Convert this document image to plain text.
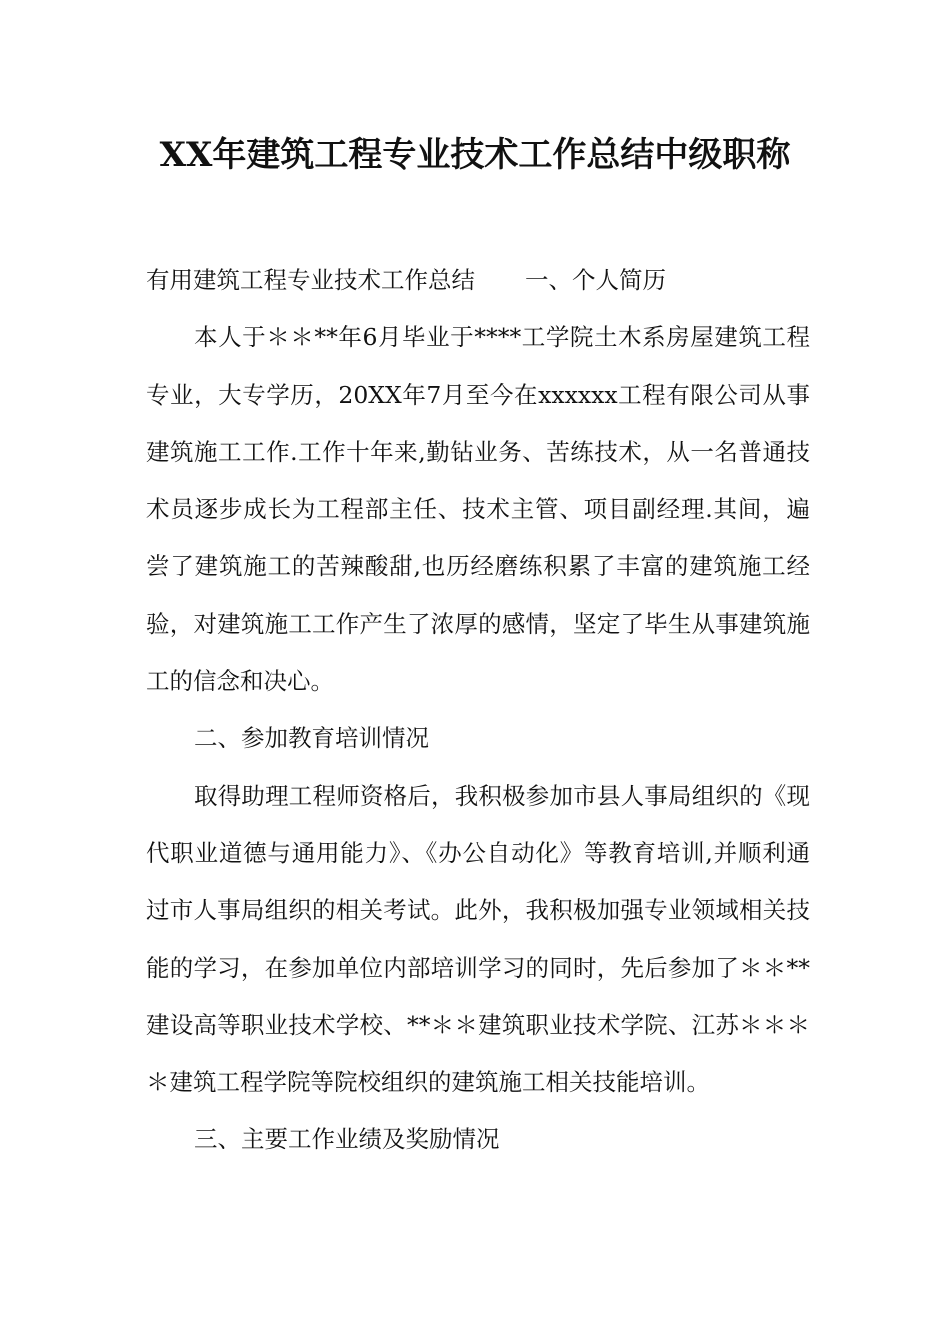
XX年建筑工程专业技术工作总结中级职称

有用建筑工程专业技术工作总结 一、个人简历

本人于＊＊**年6月毕业于****工学院土木系房屋建筑工程专业，大专学历，20XX年7月至今在xxxxxx工程有限公司从事建筑施工工作.工作十年来,勤钻业务、苦练技术，从一名普通技术员逐步成长为工程部主任、技术主管、项目副经理.其间，遍尝了建筑施工的苦辣酸甜,也历经磨练积累了丰富的建筑施工经验，对建筑施工工作产生了浓厚的感情，坚定了毕生从事建筑施工的信念和决心。

二、参加教育培训情况

取得助理工程师资格后，我积极参加市县人事局组织的《现代职业道德与通用能力》、《办公自动化》等教育培训,并顺利通过市人事局组织的相关考试。此外，我积极加强专业领域相关技能的学习，在参加单位内部培训学习的同时，先后参加了＊＊**建设高等职业技术学校、**＊＊建筑职业技术学院、江苏＊＊＊＊建筑工程学院等院校组织的建筑施工相关技能培训。

三、主要工作业绩及奖励情况
